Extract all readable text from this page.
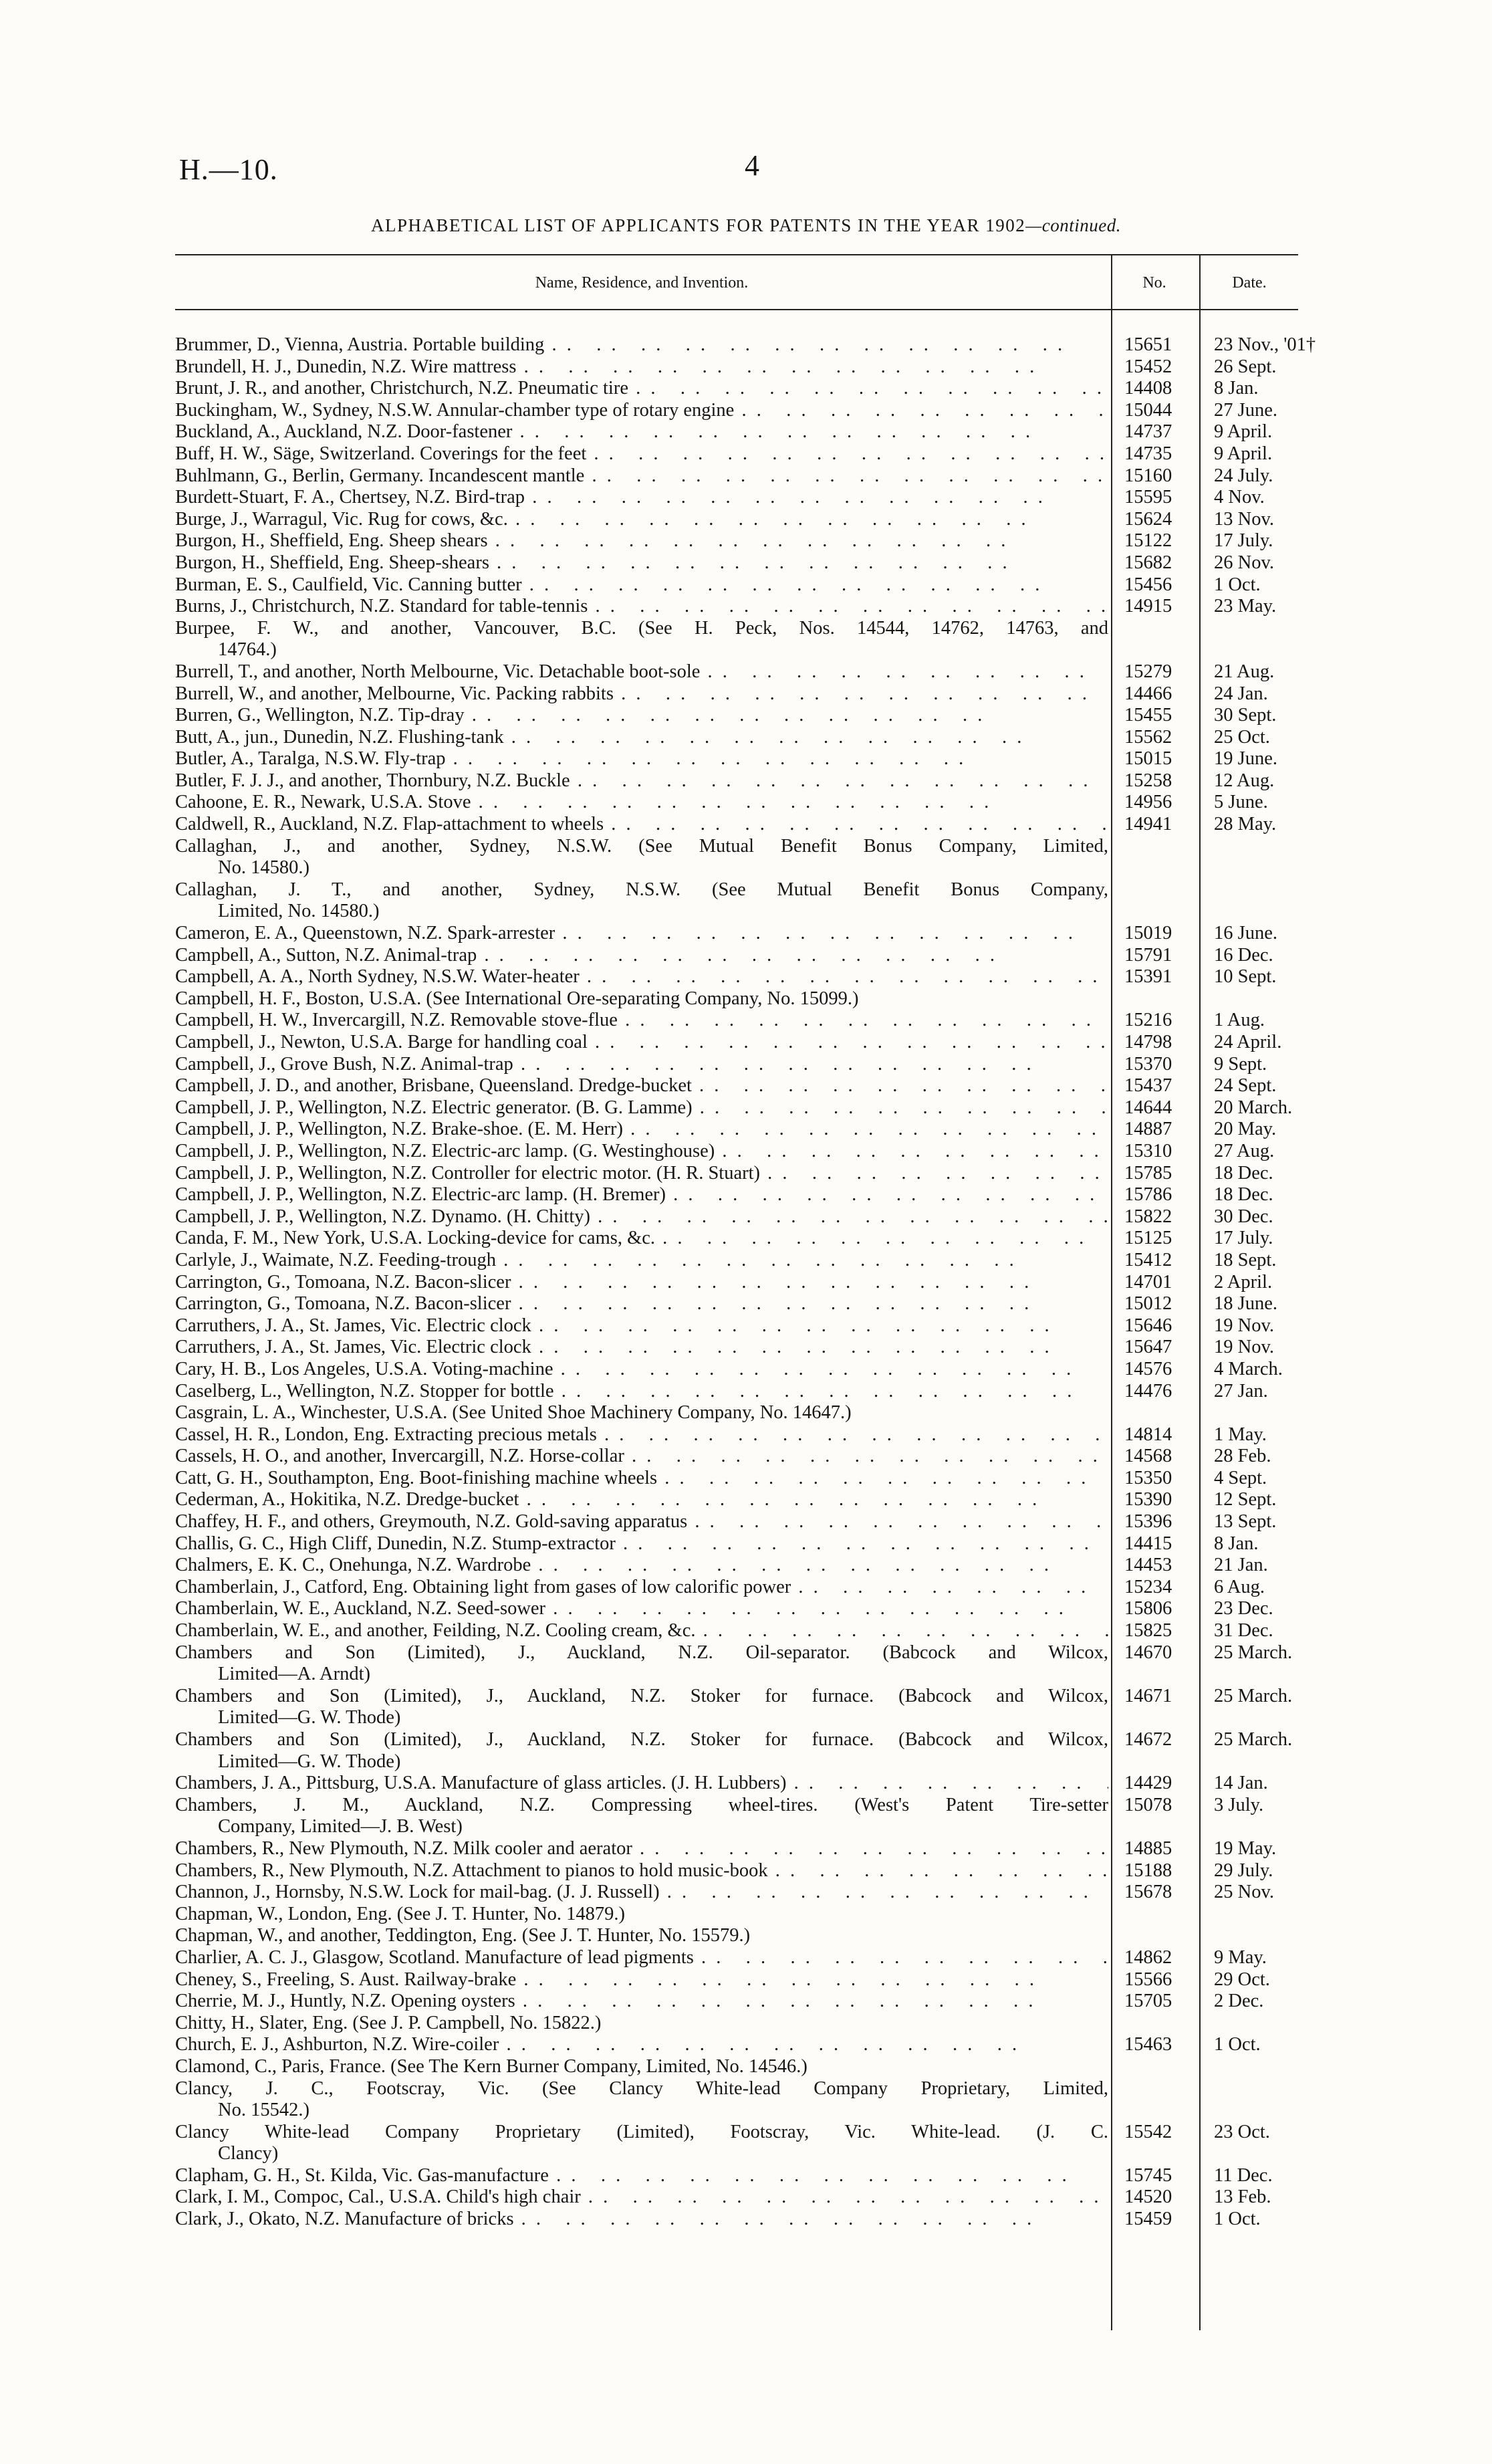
H.—10.	4
ALPHABETICAL LIST OF APPLICANTS FOR PATENTS IN THE YEAR 1902—continued.
Name, Residence, and Invention.	No.	Date.
Brummer, D., Vienna, Austria. Portable building . .	15651	23 Nov., '01†
Brundell, H. J., Dunedin, N.Z. Wire mattress . .	15452	26 Sept.
Brunt, J. R., and another, Christchurch, N.Z. Pneumatic tire . .	14408	8 Jan.
Buckingham, W., Sydney, N.S.W. Annular-chamber type of rotary engine . .	15044	27 June.
Buckland, A., Auckland, N.Z. Door-fastener . .	14737	9 April.
Buff, H. W., Säge, Switzerland. Coverings for the feet . .	14735	9 April.
Buhlmann, G., Berlin, Germany. Incandescent mantle . .	15160	24 July.
Burdett-Stuart, F. A., Chertsey, N.Z. Bird-trap . .	15595	4 Nov.
Burge, J., Warragul, Vic. Rug for cows, &c. . .	15624	13 Nov.
Burgon, H., Sheffield, Eng. Sheep shears . .	15122	17 July.
Burgon, H., Sheffield, Eng. Sheep-shears . .	15682	26 Nov.
Burman, E. S., Caulfield, Vic. Canning butter . .	15456	1 Oct.
Burns, J., Christchurch, N.Z. Standard for table-tennis . .	14915	23 May.
Burpee, F. W., and another, Vancouver, B.C. (See H. Peck, Nos. 14544, 14762, 14763, and
14764.)
Burrell, T., and another, North Melbourne, Vic. Detachable boot-sole . .	15279	21 Aug.
Burrell, W., and another, Melbourne, Vic. Packing rabbits . .	14466	24 Jan.
Burren, G., Wellington, N.Z. Tip-dray . .	15455	30 Sept.
Butt, A., jun., Dunedin, N.Z. Flushing-tank . .	15562	25 Oct.
Butler, A., Taralga, N.S.W. Fly-trap . .	15015	19 June.
Butler, F. J. J., and another, Thornbury, N.Z. Buckle . .	15258	12 Aug.
Cahoone, E. R., Newark, U.S.A. Stove . .	14956	5 June.
Caldwell, R., Auckland, N.Z. Flap-attachment to wheels . .	14941	28 May.
Callaghan, J., and another, Sydney, N.S.W. (See Mutual Benefit Bonus Company, Limited,
No. 14580.)
Callaghan, J. T., and another, Sydney, N.S.W. (See Mutual Benefit Bonus Company,
Limited, No. 14580.)
Cameron, E. A., Queenstown, N.Z. Spark-arrester . .	15019	16 June.
Campbell, A., Sutton, N.Z. Animal-trap . .	15791	16 Dec.
Campbell, A. A., North Sydney, N.S.W. Water-heater . .	15391	10 Sept.
Campbell, H. F., Boston, U.S.A. (See International Ore-separating Company, No. 15099.)
Campbell, H. W., Invercargill, N.Z. Removable stove-flue . .	15216	1 Aug.
Campbell, J., Newton, U.S.A. Barge for handling coal . .	14798	24 April.
Campbell, J., Grove Bush, N.Z. Animal-trap . .	15370	9 Sept.
Campbell, J. D., and another, Brisbane, Queensland. Dredge-bucket . .	15437	24 Sept.
Campbell, J. P., Wellington, N.Z. Electric generator. (B. G. Lamme) . .	14644	20 March.
Campbell, J. P., Wellington, N.Z. Brake-shoe. (E. M. Herr) . .	14887	20 May.
Campbell, J. P., Wellington, N.Z. Electric-arc lamp. (G. Westinghouse) . .	15310	27 Aug.
Campbell, J. P., Wellington, N.Z. Controller for electric motor. (H. R. Stuart) . .	15785	18 Dec.
Campbell, J. P., Wellington, N.Z. Electric-arc lamp. (H. Bremer) . .	15786	18 Dec.
Campbell, J. P., Wellington, N.Z. Dynamo. (H. Chitty) . .	15822	30 Dec.
Canda, F. M., New York, U.S.A. Locking-device for cams, &c. . .	15125	17 July.
Carlyle, J., Waimate, N.Z. Feeding-trough . .	15412	18 Sept.
Carrington, G., Tomoana, N.Z. Bacon-slicer . .	14701	2 April.
Carrington, G., Tomoana, N.Z. Bacon-slicer . .	15012	18 June.
Carruthers, J. A., St. James, Vic. Electric clock . .	15646	19 Nov.
Carruthers, J. A., St. James, Vic. Electric clock . .	15647	19 Nov.
Cary, H. B., Los Angeles, U.S.A. Voting-machine . .	14576	4 March.
Caselberg, L., Wellington, N.Z. Stopper for bottle . .	14476	27 Jan.
Casgrain, L. A., Winchester, U.S.A. (See United Shoe Machinery Company, No. 14647.)
Cassel, H. R., London, Eng. Extracting precious metals . .	14814	1 May.
Cassels, H. O., and another, Invercargill, N.Z. Horse-collar . .	14568	28 Feb.
Catt, G. H., Southampton, Eng. Boot-finishing machine wheels . .	15350	4 Sept.
Cederman, A., Hokitika, N.Z. Dredge-bucket . .	15390	12 Sept.
Chaffey, H. F., and others, Greymouth, N.Z. Gold-saving apparatus . .	15396	13 Sept.
Challis, G. C., High Cliff, Dunedin, N.Z. Stump-extractor . .	14415	8 Jan.
Chalmers, E. K. C., Onehunga, N.Z. Wardrobe . .	14453	21 Jan.
Chamberlain, J., Catford, Eng. Obtaining light from gases of low calorific power . .	15234	6 Aug.
Chamberlain, W. E., Auckland, N.Z. Seed-sower . .	15806	23 Dec.
Chamberlain, W. E., and another, Feilding, N.Z. Cooling cream, &c. . .	15825	31 Dec.
Chambers and Son (Limited), J., Auckland, N.Z. Oil-separator. (Babcock and Wilcox,
Limited—A. Arndt)
14670	25 March.
Chambers and Son (Limited), J., Auckland, N.Z. Stoker for furnace. (Babcock and Wilcox,
Limited—G. W. Thode)
14671	25 March.
Chambers and Son (Limited), J., Auckland, N.Z. Stoker for furnace. (Babcock and Wilcox,
Limited—G. W. Thode)
14672	25 March.
Chambers, J. A., Pittsburg, U.S.A. Manufacture of glass articles. (J. H. Lubbers) . .	14429	14 Jan.
Chambers, J. M., Auckland, N.Z. Compressing wheel-tires. (West's Patent Tire-setter
Company, Limited—J. B. West)
15078	3 July.
Chambers, R., New Plymouth, N.Z. Milk cooler and aerator . .	14885	19 May.
Chambers, R., New Plymouth, N.Z. Attachment to pianos to hold music-book . .	15188	29 July.
Channon, J., Hornsby, N.S.W. Lock for mail-bag. (J. J. Russell) . .	15678	25 Nov.
Chapman, W., London, Eng. (See J. T. Hunter, No. 14879.)
Chapman, W., and another, Teddington, Eng. (See J. T. Hunter, No. 15579.)
Charlier, A. C. J., Glasgow, Scotland. Manufacture of lead pigments . .	14862	9 May.
Cheney, S., Freeling, S. Aust. Railway-brake . .	15566	29 Oct.
Cherrie, M. J., Huntly, N.Z. Opening oysters . .	15705	2 Dec.
Chitty, H., Slater, Eng. (See J. P. Campbell, No. 15822.)
Church, E. J., Ashburton, N.Z. Wire-coiler . .	15463	1 Oct.
Clamond, C., Paris, France. (See The Kern Burner Company, Limited, No. 14546.)
Clancy, J. C., Footscray, Vic. (See Clancy White-lead Company Proprietary, Limited,
No. 15542.)
Clancy White-lead Company Proprietary (Limited), Footscray, Vic. White-lead. (J. C.
Clancy)
15542	23 Oct.
Clapham, G. H., St. Kilda, Vic. Gas-manufacture . .	15745	11 Dec.
Clark, I. M., Compoc, Cal., U.S.A. Child's high chair . .	14520	13 Feb.
Clark, J., Okato, N.Z. Manufacture of bricks . .	15459	1 Oct.
